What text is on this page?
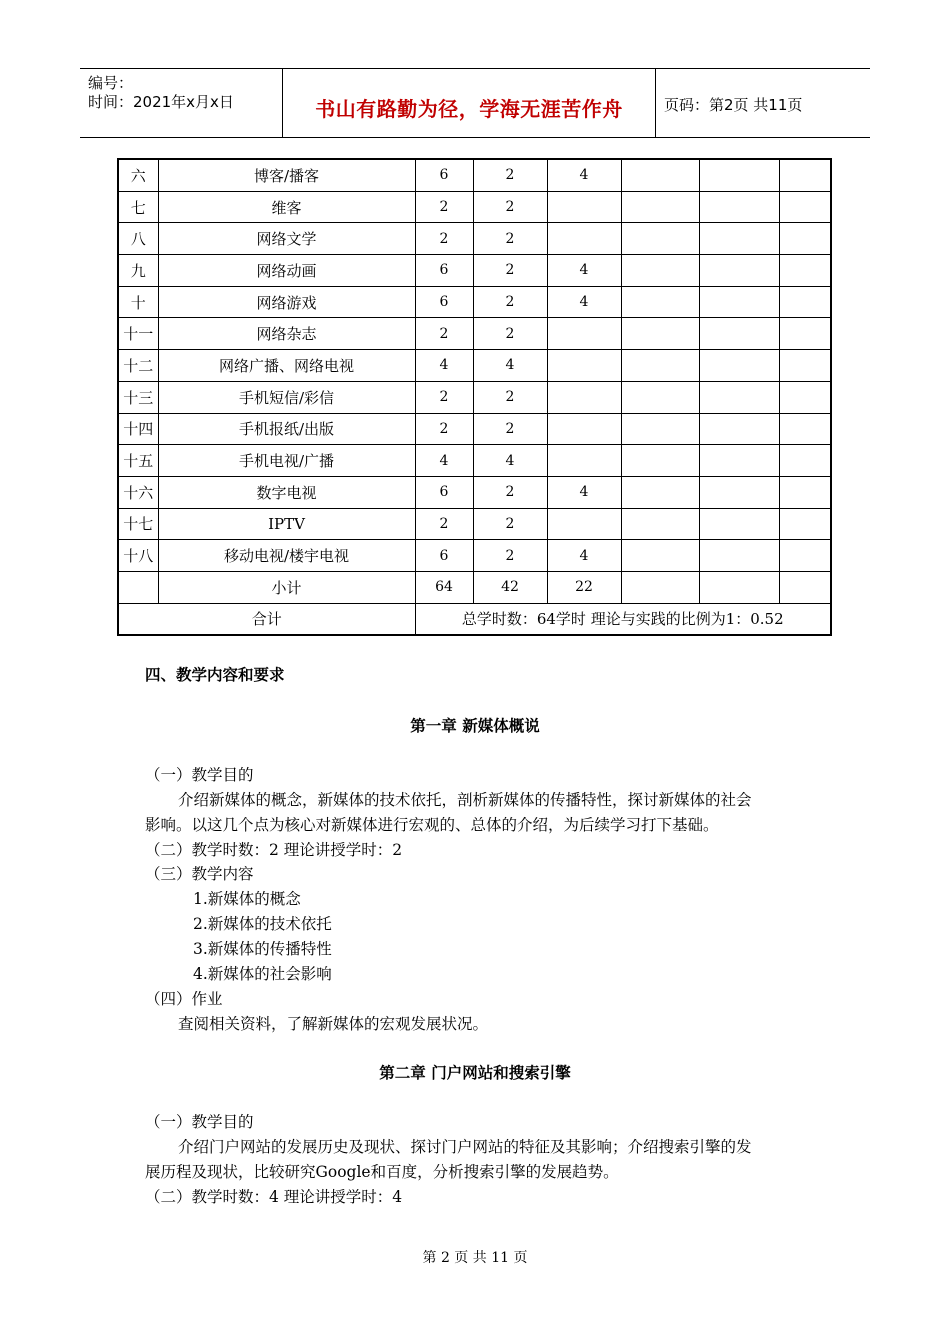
编号：
时间：2021年x月x日	书山有路勤为径，学海无涯苦作舟	页码：第2页 共11页
六	博客/播客	6	2	4			
七	维客	2	2				
八	网络文学	2	2				
九	网络动画	6	2	4			
十	网络游戏	6	2	4			
十一	网络杂志	2	2				
十二	网络广播、网络电视	4	4				
十三	手机短信/彩信	2	2				
十四	手机报纸/出版	2	2				
十五	手机电视/广播	4	4				
十六	数字电视	6	2	4			
十七	IPTV	2	2				
十八	移动电视/楼宇电视	6	2	4			
	小计	64	42	22			
合计		总学时数：64学时 理论与实践的比例为1：0.52					
四、教学内容和要求
第一章 新媒体概说
（一）教学目的
介绍新媒体的概念，新媒体的技术依托，剖析新媒体的传播特性，探讨新媒体的社会
影响。以这几个点为核心对新媒体进行宏观的、总体的介绍，为后续学习打下基础。
（二）教学时数：2 理论讲授学时：2
（三）教学内容
1.新媒体的概念
2.新媒体的技术依托
3.新媒体的传播特性
4.新媒体的社会影响
（四）作业
查阅相关资料，了解新媒体的宏观发展状况。
第二章 门户网站和搜索引擎
（一）教学目的
介绍门户网站的发展历史及现状、探讨门户网站的特征及其影响；介绍搜索引擎的发
展历程及现状，比较研究Google和百度，分析搜索引擎的发展趋势。
（二）教学时数：4 理论讲授学时：4
第 2 页 共 11 页
